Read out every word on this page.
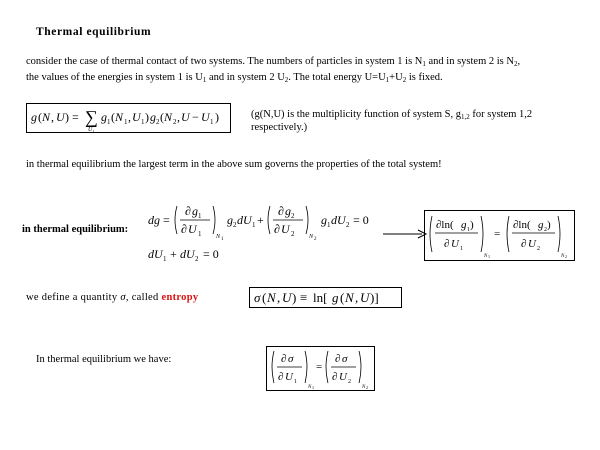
Thermal equilibrium
consider the case of thermal contact of two systems. The numbers of particles in system 1 is $N_1$ and in system 2 is $N_2$,
the values of the energies in system 1 is $U_1$ and in system 2 $U_2$. The total energy $U=U_1+U_2$ is fixed.
g ( N , U ) = ∑
U₁
g 1 ( N 1 , U 1 ) g 2 ( N 2 , U − U 1 )	(g(N,U) is the multiplicity function of system S, $g_{1,2}$ for system 1,2
respectively.)
in thermal equilibrium the largest term in the above sum governs the properties of the total system!
in thermal equilibrium:
dg =
∂ g 1
∂ U 1 N 1
g 2 dU 1 +
∂ g 2
∂ U 2 N 2
g 1 dU 2 = 0
dU 1 + dU 2 = 0
∂ln( g 1 )
∂ U 1
N 1
=
∂ln( g 2 )
∂ U 2
N 2
we define a quantity σ, called entropy	σ ( N , U ) ≡ ln[ g ( N , U )]
In thermal equilibrium we have:	∂ σ
∂ U 1
N 1
=
∂ σ
∂ U 2
N 2
